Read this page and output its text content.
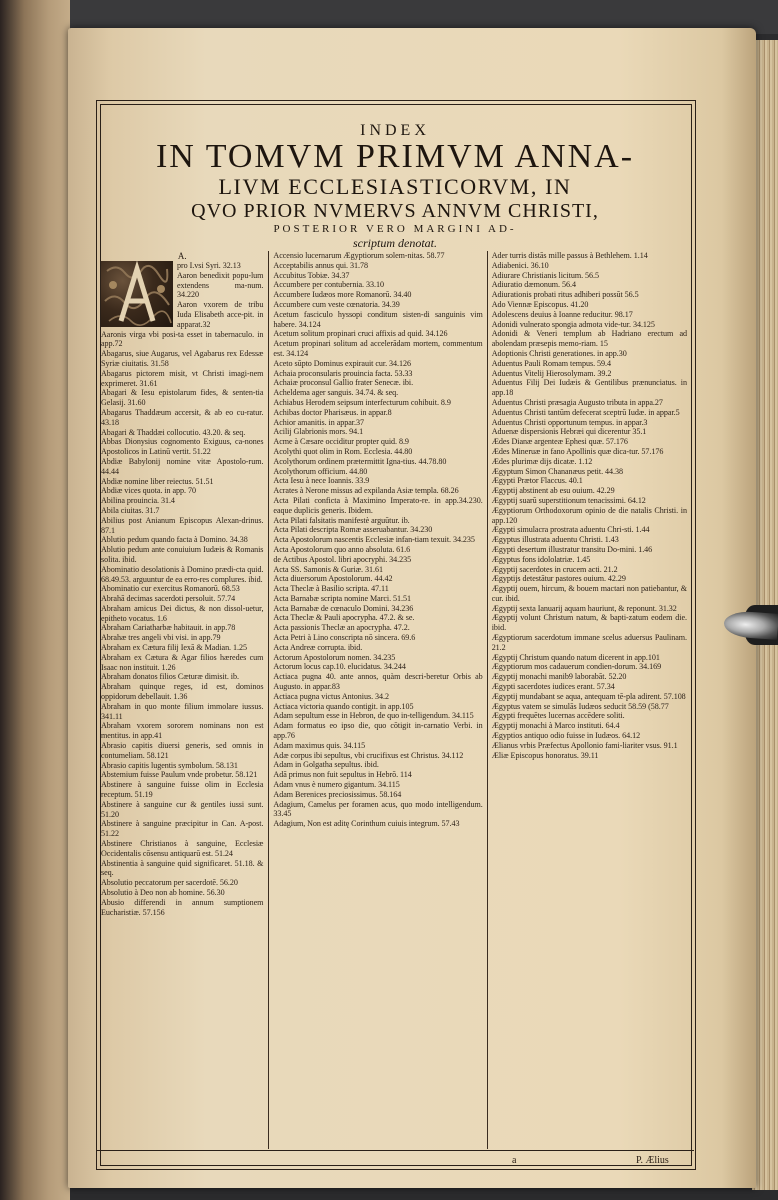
INDEX
IN TOMVM PRIMVM ANNA-
LIVM ECCLESIASTICORVM, IN
QVO PRIOR NVMERVS ANNVM CHRISTI,
POSTERIOR VERO MARGINI AD-
scriptum denotat.
A.
pro I.vsi Syri. 32.13
Aaron benedixit popu-lum extendens ma-num. 34.220
Aaron vxorem de tribu Iuda Elisabeth acce-pit. in apparat.32
Aaronis virga vbi posi-ta esset in tabernaculo. in app.72
Abagarus, siue Augarus, vel Agabarus rex Edessæ Syriæ ciuitatis. 31.58
Abagarus pictorem misit, vt Christi imagi-nem exprimeret. 31.61
Abagari & Iesu epistolarum fides, & senten-tia Gelasij. 31.60
Abagarus Thaddæum accersit, & ab eo cu-ratur. 43.18
Abagari & Thaddæi collocutio. 43.20. & seq.
Abbas Dionysius cognomento Exiguus, ca-nones Apostolicos in Latinū vertit. 51.22
Abdiæ Babylonij nomine vitæ Apostolo-rum. 44.44
Abdiæ nomine liber reiectus. 51.51
Abdiæ vices quota. in app. 70
Abilina prouincia. 31.4
Abila ciuitas. 31.7
Abilius post Anianum Episcopus Alexan-drinus. 87.1
Ablutio pedum quando facta à Domino. 34.38
Ablutio pedum ante conuiuium Iudæis & Romanis solita. ibid.
Abominatio desolationis à Domino prædi-cta quid. 68.49.53. arguuntur de ea erro-res complures. ibid.
Abominatio cur exercitus Romanorū. 68.53
Abrahā decimas sacerdoti persoluit. 57.74
Abraham amicus Dei dictus, & non dissol-uetur, epitheto vocatus. 1.6
Abraham Cariatharbæ habitauit. in app.78
Abrahæ tres angeli vbi visi. in app.79
Abraham ex Cætura filij Iexā & Madian. 1.25
Abraham ex Cætura & Agar filios hæredes cum Isaac non instituit. 1.26
Abraham donatos filios Cæturæ dimisit. ib.
Abraham quinque reges, id est, dominos oppidorum debellauit. 1.36
Abraham in quo monte filium immolare iussus. 341.11
Abraham vxorem sororem nominans non est mentitus. in app.41
Abrasio capitis diuersi generis, sed omnis in contumeliam. 58.121
Abrasio capitis lugentis symbolum. 58.131
Abstemium fuisse Paulum vnde probetur. 58.121
Abstinere à sanguine fuisse olim in Ecclesia receptum. 51.19
Abstinere à sanguine cur & gentiles iussi sunt. 51.20
Abstinere à sanguine præcipitur in Can. A-post. 51.22
Abstinere Christianos à sanguine, Ecclesiæ Occidentalis cōsensu antiquarū est. 51.24
Abstinentia à sanguine quid significaret. 51.18. & seq.
Absolutio peccatorum per sacerdotē. 56.20
Absolutio à Deo non ab homine. 56.30
Abusio differendi in annum sumptionem Eucharistiæ. 57.156
Accensio lucernarum Ægyptiorum solem-nitas. 58.77
Acceptabilis annus qui. 31.78
Accubitus Tobiæ. 34.37
Accumbere per contubernia. 33.10
Accumbere Iudæos more Romanorū. 34.40
Accumbere cum veste cœnatoria. 34.39
Acetum fasciculo hyssopi conditum sisten-di sanguinis vim habere. 34.124
Acetum solitum propinari cruci affixis ad quid. 34.126
Acetum propinari solitum ad accelerādam mortem, commentum est. 34.124
Aceto sūpto Dominus expirauit cur. 34.126
Achaia proconsularis prouincia facta. 53.33
Achaiæ proconsul Gallio frater Senecæ. ibi.
Acheldema ager sanguis. 34.74. & seq.
Achiabus Herodem seipsum interfecturum cohibuit. 8.9
Achibas doctor Pharisæus. in appar.8
Achior amanitis. in appar.37
Acilij Glabrionis mors. 94.1
Acme à Cæsare occiditur propter quid. 8.9
Acolythi quot olim in Rom. Ecclesia. 44.80
Acolythorum ordinem prætermittit Igna-tius. 44.78.80
Acolythorum officium. 44.80
Acta Iesu à nece Ioannis. 33.9
Acrates à Nerone missus ad expilanda Asiæ templa. 68.26
Acta Pilati conficta à Maximino Imperato-re. in app.34.230. eaque duplicis generis. Ibidem.
Acta Pilati falsitatis manifestè arguūtur. ib.
Acta Pilati descripta Romæ asseruabantur. 34.230
Acta Apostolorum nascentis Ecclesiæ infan-tiam texuit. 34.235
Acta Apostolorum quo anno absoluta. 61.6
de Actibus Apostol. libri apocryphi. 34.235
Acta SS. Samonis & Guriæ. 31.61
Acta diuersorum Apostolorum. 44.42
Acta Theclæ à Basilio scripta. 47.11
Acta Barnabæ scripta nomine Marci. 51.51
Acta Barnabæ de cœnaculo Domini. 34.236
Acta Theclæ & Pauli apocrypha. 47.2. & se.
Acta passionis Theclæ an apocrypha. 47.2.
Acta Petri à Lino conscripta nō sincera. 69.6
Acta Andreæ corrupta. ibid.
Actorum Apostolorum nomen. 34.235
Actorum locus cap.10. elucidatus. 34.244
Actiaca pugna 40. ante annos, quàm descri-beretur Orbis ab Augusto. in appar.83
Actiaca pugna victus Antonius. 34.2
Actiaca victoria quando contigit. in app.105
Adam sepultum esse in Hebron, de quo in-telligendum. 34.115
Adam formatus eo ipso die, quo cōtigit in-carnatio Verbi. in app.76
Adam maximus quis. 34.115
Adæ corpus ibi sepultus, vbi crucifixus est Christus. 34.112
Adam in Golgatha sepultus. ibid.
Adā primus non fuit sepultus in Hebrō. 114
Adam vnus è numero gigantum. 34.115
Adam Berenices preciosissimus. 58.164
Adagium, Camelus per foramen acus, quo modo intelligendum. 33.45
Adagium, Non est aditę Corinthum cuiuis integrum. 57.43
Ader turris distās mille passus à Bethlehem. 1.14
Adiabenici. 36.10
Adiurare Christianis licitum. 56.5
Adiuratio dæmonum. 56.4
Adiurationis probati ritus adhiberi possūt 56.5
Ado Viennæ Episcopus. 41.20
Adolescens deuius à Ioanne reducitur. 98.17
Adonidi vulnerato spongia admota vide-tur. 34.125
Adonidi & Veneri templum ab Hadriano erectum ad abolendam præsepis memo-riam. 15
Adoptionis Christi generationes. in app.30
Aduentus Pauli Romam tempus. 59.4
Aduentus Vitelij Hierosolymam. 39.2
Aduentus Filij Dei Iudæis & Gentilibus prænunciatus. in app.18
Aduentus Christi præsagia Augusto tributa in appa.27
Aduentus Christi tantūm defecerat sceptrū Iudæ. in appar.5
Aduentus Christi opportunum tempus. in appar.3
Aduenæ dispersionis Hebræi qui dicerentur 35.1
Ædes Dianæ argenteæ Ephesi quæ. 57.176
Ædes Mineruæ in fano Apollinis quæ dica-tur. 57.176
Ædes plurimæ dijs dicatæ. 1.12
Ægyptum Simon Chananæus petit. 44.38
Ægypti Prætor Flaccus. 40.1
Ægyptij abstinent ab esu ouium. 42.29
Ægyptij suarū superstitionum tenacissimi. 64.12
Ægyptiorum Orthodoxorum opinio de die natalis Christi. in app.120
Ægypti simulacra prostrata aduentu Chri-sti. 1.44
Ægyptus illustrata aduentu Christi. 1.43
Ægypti desertum illustratur transitu Do-mini. 1.46
Ægyptus fons idololatriæ. 1.45
Ægyptij sacerdotes in crucem acti. 21.2
Ægyptijs detestātur pastores ouium. 42.29
Ægyptij ouem, hircum, & bouem mactari non patiebantur, & cur. ibid.
Ægyptij sexta Ianuarij aquam hauriunt, & reponunt. 31.32
Ægyptij volunt Christum natum, & bapti-zatum eodem die. ibid.
Ægyptiorum sacerdotum immane scelus aduersus Paulinam. 21.2
Ægyptij Christum quando natum dicerent in app.101
Ægyptiorum mos cadauerum condien-dorum. 34.169
Ægyptij monachi manib9 laborabāt. 52.20
Ægypti sacerdotes iudices erant. 57.34
Ægyptij mundabant se aqua, antequam tē-pla adirent. 57.108
Ægyptus vatem se simulās Iudæos seducit 58.59 (58.77
Ægypti frequētes lucernas accēdere soliti.
Ægyptij monachi à Marco instituti. 64.4
Ægyptios antiquo odio fuisse in Iudæos. 64.12
Ælianus vrbis Præfectus Apollonio fami-liariter vsus. 91.1
Æliæ Episcopus honoratus. 39.11
a	P. Ælius
